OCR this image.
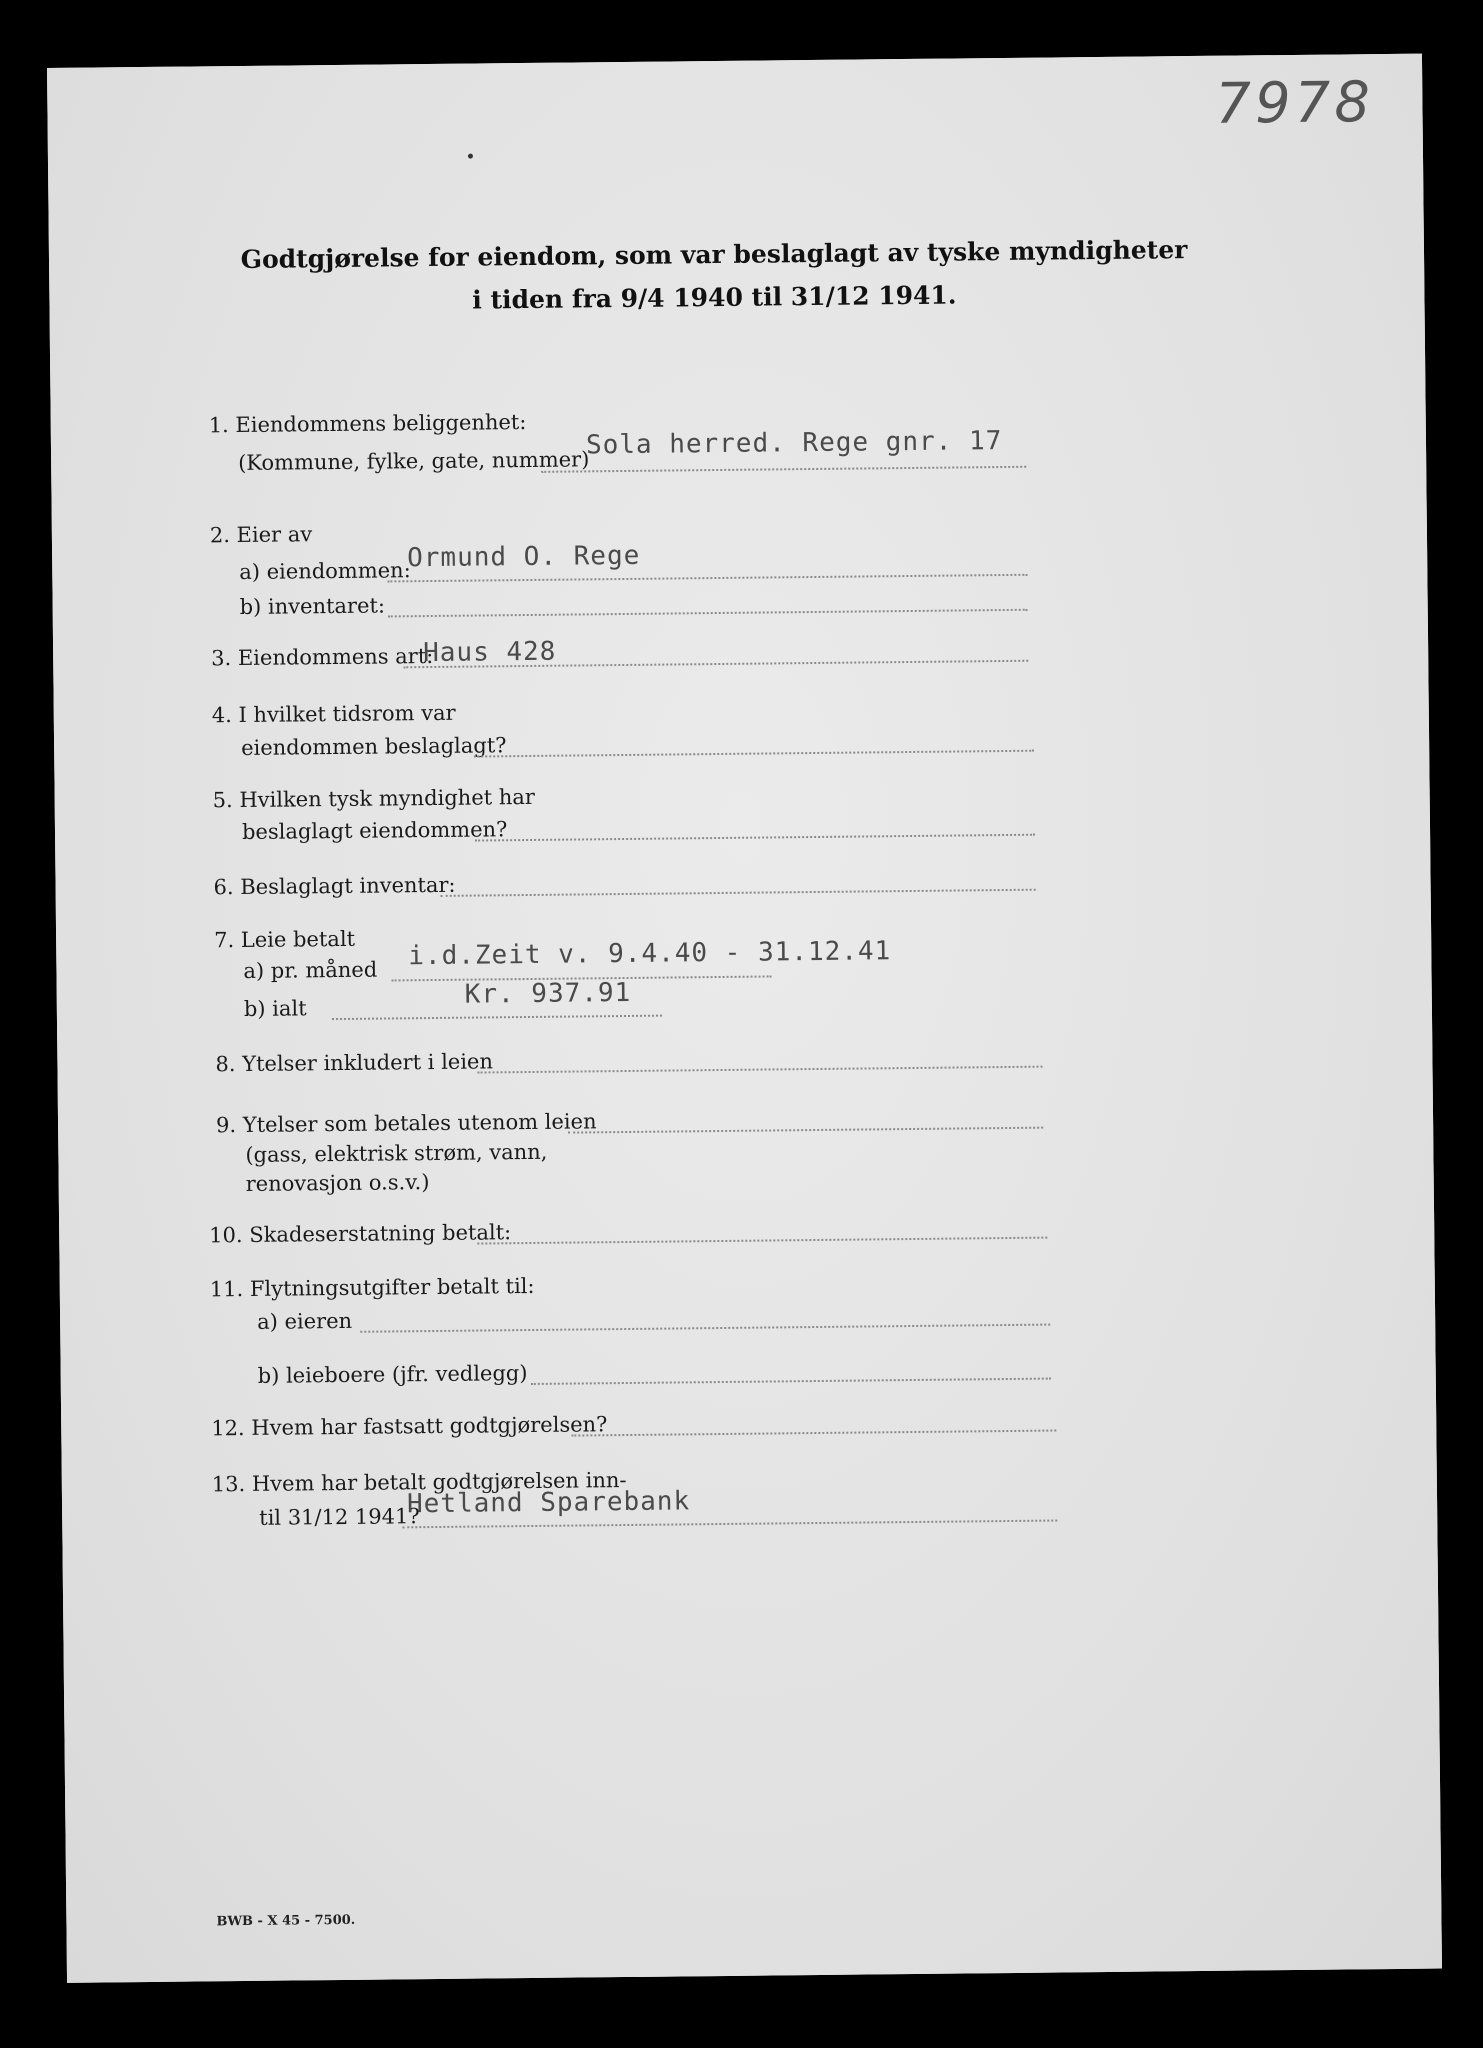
7978
Godtgjørelse for eiendom, som var beslaglagt av tyske myndigheter
i tiden fra 9/4 1940 til 31/12 1941.
1. Eiendommens beliggenhet:
(Kommune, fylke, gate, nummer)
Sola herred. Rege gnr. 17
2. Eier av
a) eiendommen:
Ormund O. Rege
b) inventaret:
3. Eiendommens art:
Haus 428
4. I hvilket tidsrom var
eiendommen beslaglagt?
5. Hvilken tysk myndighet har
beslaglagt eiendommen?
6. Beslaglagt inventar:
7. Leie betalt
a) pr. måned i.d.Zeit v. 9.4.40 - 31.12.41
b) ialt	Kr. 937.91
8. Ytelser inkludert i leien
9. Ytelser som betales utenom leien
(gass, elektrisk strøm, vann,
renovasjon o.s.v.)
10. Skadeserstatning betalt:
11. Flytningsutgifter betalt til:
a) eieren
b) leieboere (jfr. vedlegg)
12. Hvem har fastsatt godtgjørelsen?
13. Hvem har betalt godtgjørelsen inn-
til 31/12 1941?
Hetland Sparebank
BWB - X 45 - 7500.
